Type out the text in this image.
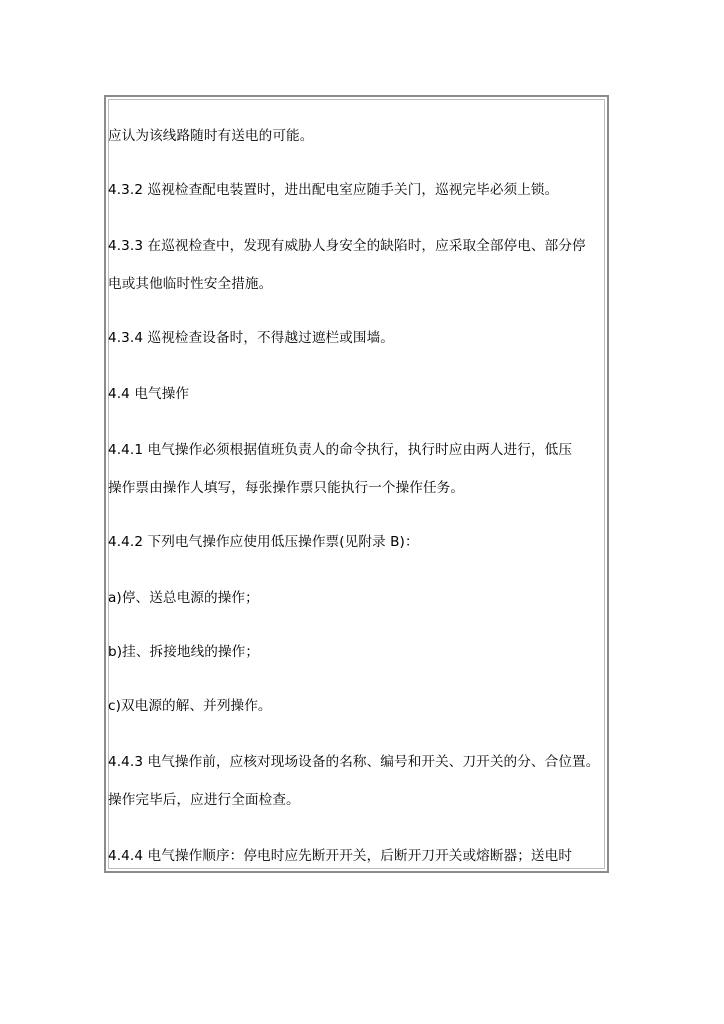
应认为该线路随时有送电的可能。
4.3.2 巡视检查配电装置时，进出配电室应随手关门，巡视完毕必须上锁。
4.3.3 在巡视检查中，发现有威胁人身安全的缺陷时，应采取全部停电、部分停
电或其他临时性安全措施。
4.3.4 巡视检查设备时，不得越过遮栏或围墙。
4.4 电气操作
4.4.1 电气操作必须根据值班负责人的命令执行，执行时应由两人进行，低压
操作票由操作人填写，每张操作票只能执行一个操作任务。
4.4.2 下列电气操作应使用低压操作票(见附录 B)：
a)停、送总电源的操作；
b)挂、拆接地线的操作；
c)双电源的解、并列操作。
4.4.3 电气操作前，应核对现场设备的名称、编号和开关、刀开关的分、合位置。
操作完毕后，应进行全面检查。
4.4.4 电气操作顺序：停电时应先断开开关，后断开刀开关或熔断器；送电时
